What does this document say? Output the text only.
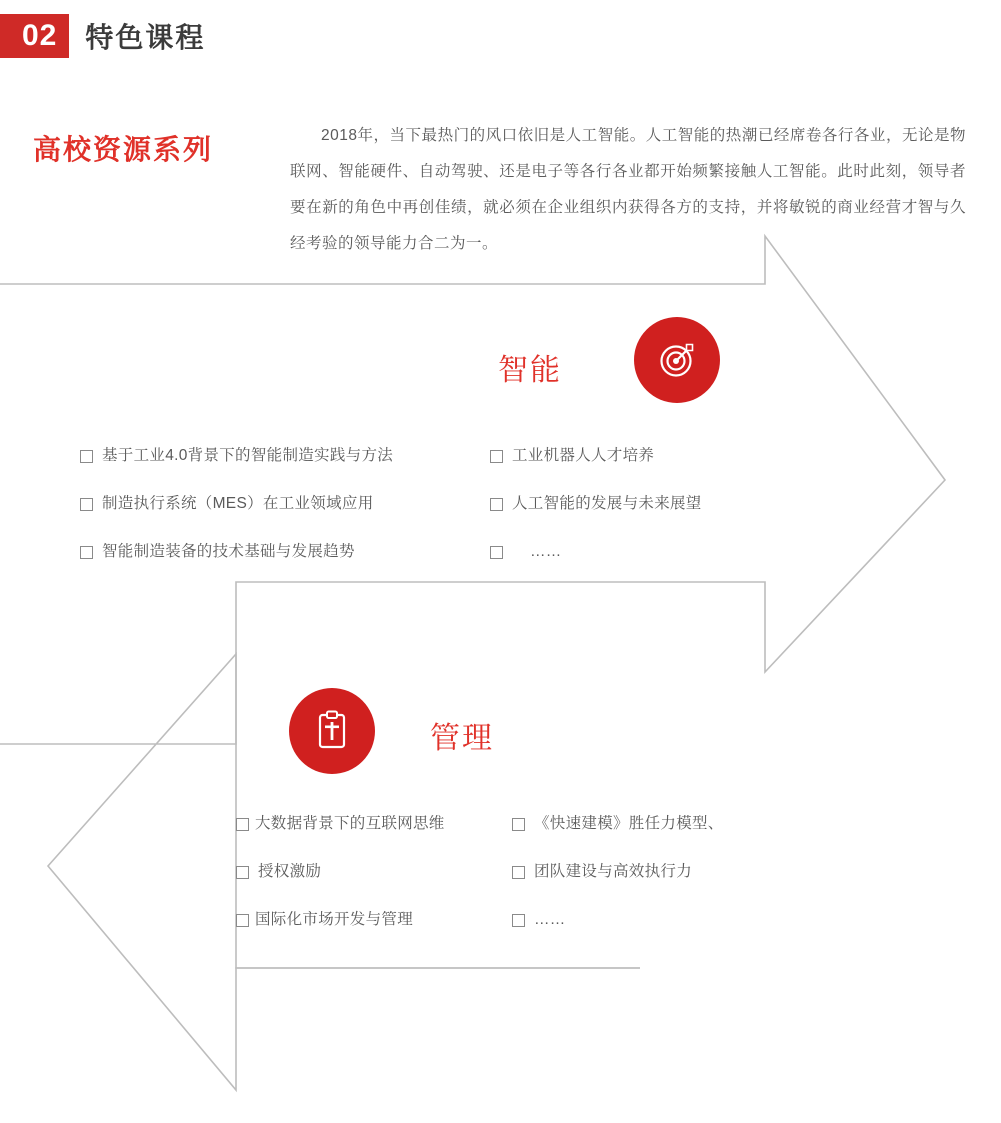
02	特色课程
高校资源系列	2018年，当下最热门的风口依旧是人工智能。人工智能的热潮已经席卷各行各业，无论是物联网、智能硬件、自动驾驶、还是电子等各行各业都开始频繁接触人工智能。此时此刻，领导者要在新的角色中再创佳绩，就必须在企业组织内获得各方的支持，并将敏锐的商业经营才智与久经考验的领导能力合二为一。
智能
基于工业4.0背景下的智能制造实践与方法	工业机器人人才培养
制造执行系统（MES）在工业领域应用	人工智能的发展与未来展望
智能制造装备的技术基础与发展趋势	……
管理
大数据背景下的互联网思维	《快速建模》胜任力模型、
授权激励	团队建设与高效执行力
国际化市场开发与管理	……
